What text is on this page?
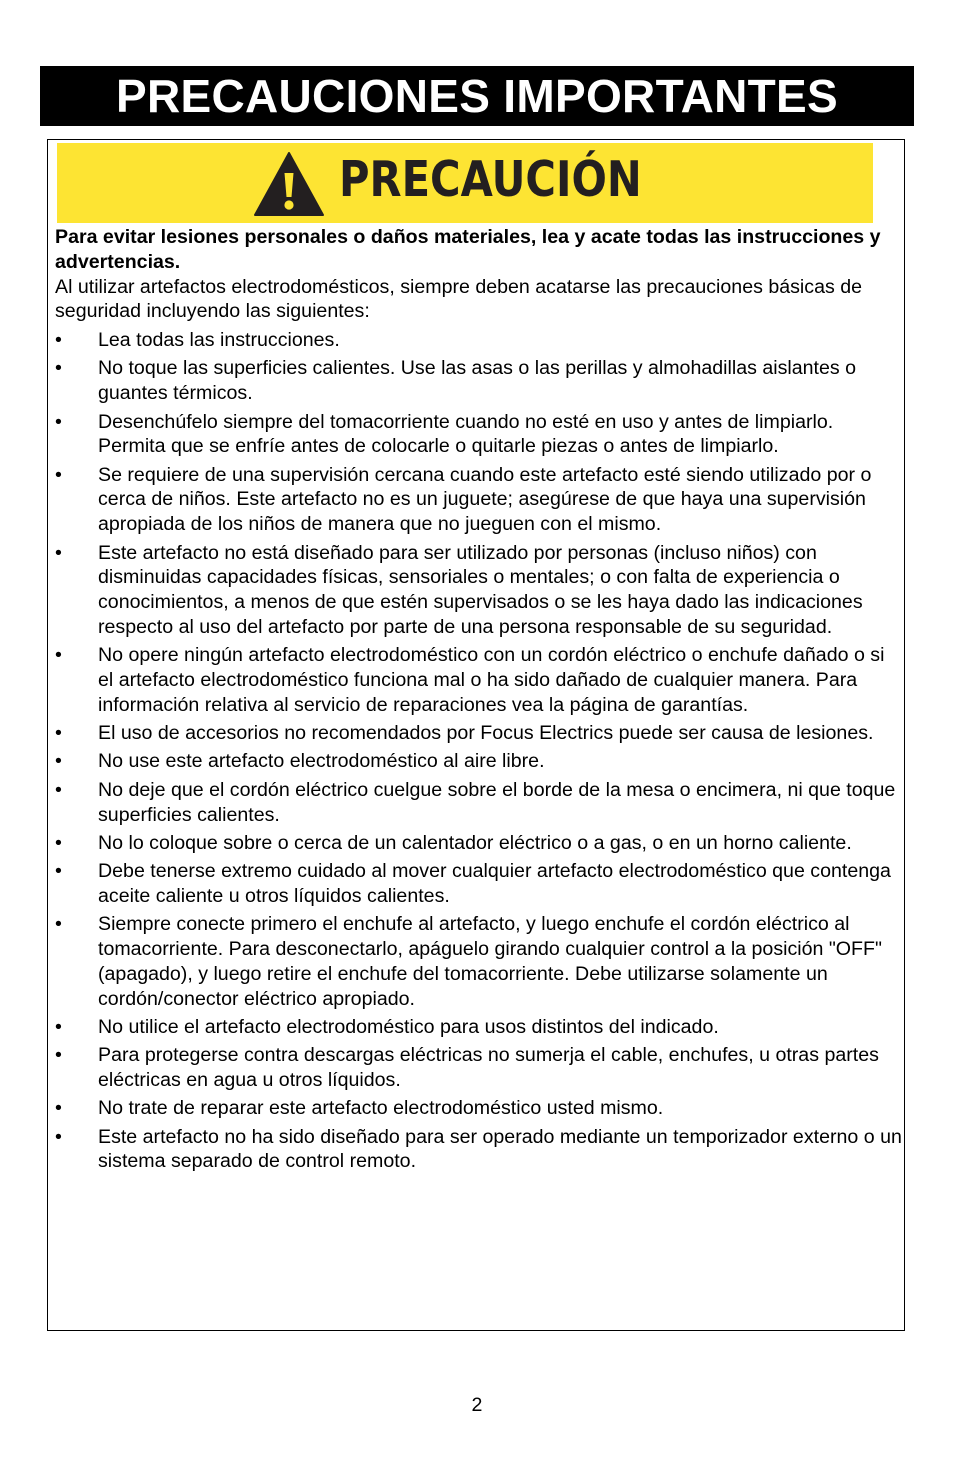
PRECAUCIONES IMPORTANTES
PRECAUCIÓN
Para evitar lesiones personales o daños materiales, lea y acate todas las instrucciones y advertencias.
Al utilizar artefactos electrodomésticos, siempre deben acatarse las precauciones básicas de seguridad incluyendo las siguientes:
• Lea todas las instrucciones.
• No toque las superficies calientes. Use las asas o las perillas y almohadillas aislantes o guantes térmicos.
• Desenchúfelo siempre del tomacorriente cuando no esté en uso y antes de limpiarlo. Permita que se enfríe antes de colocarle o quitarle piezas o antes de limpiarlo.
• Se requiere de una supervisión cercana cuando este artefacto esté siendo utilizado por o cerca de niños. Este artefacto no es un juguete; asegúrese de que haya una supervisión apropiada de los niños de manera que no jueguen con el mismo.
• Este artefacto no está diseñado para ser utilizado por personas (incluso niños) con disminuidas capacidades físicas, sensoriales o mentales; o con falta de experiencia o conocimientos, a menos de que estén supervisados o se les haya dado las indicaciones respecto al uso del artefacto por parte de una persona responsable de su seguridad.
• No opere ningún artefacto electrodoméstico con un cordón eléctrico o enchufe dañado o si el artefacto electrodoméstico funciona mal o ha sido dañado de cualquier manera. Para información relativa al servicio de reparaciones vea la página de garantías.
• El uso de accesorios no recomendados por Focus Electrics puede ser causa de lesiones.
• No use este artefacto electrodoméstico al aire libre.
• No deje que el cordón eléctrico cuelgue sobre el borde de la mesa o encimera, ni que toque superficies calientes.
• No lo coloque sobre o cerca de un calentador eléctrico o a gas, o en un horno caliente.
• Debe tenerse extremo cuidado al mover cualquier artefacto electrodoméstico que contenga aceite caliente u otros líquidos calientes.
• Siempre conecte primero el enchufe al artefacto, y luego enchufe el cordón eléctrico al tomacorriente. Para desconectarlo, apáguelo girando cualquier control a la posición "OFF" (apagado), y luego retire el enchufe del tomacorriente. Debe utilizarse solamente un cordón/conector eléctrico apropiado.
• No utilice el artefacto electrodoméstico para usos distintos del indicado.
• Para protegerse contra descargas eléctricas no sumerja el cable, enchufes, u otras partes eléctricas en agua u otros líquidos.
• No trate de reparar este artefacto electrodoméstico usted mismo.
• Este artefacto no ha sido diseñado para ser operado mediante un temporizador externo o un sistema separado de control remoto.
2
